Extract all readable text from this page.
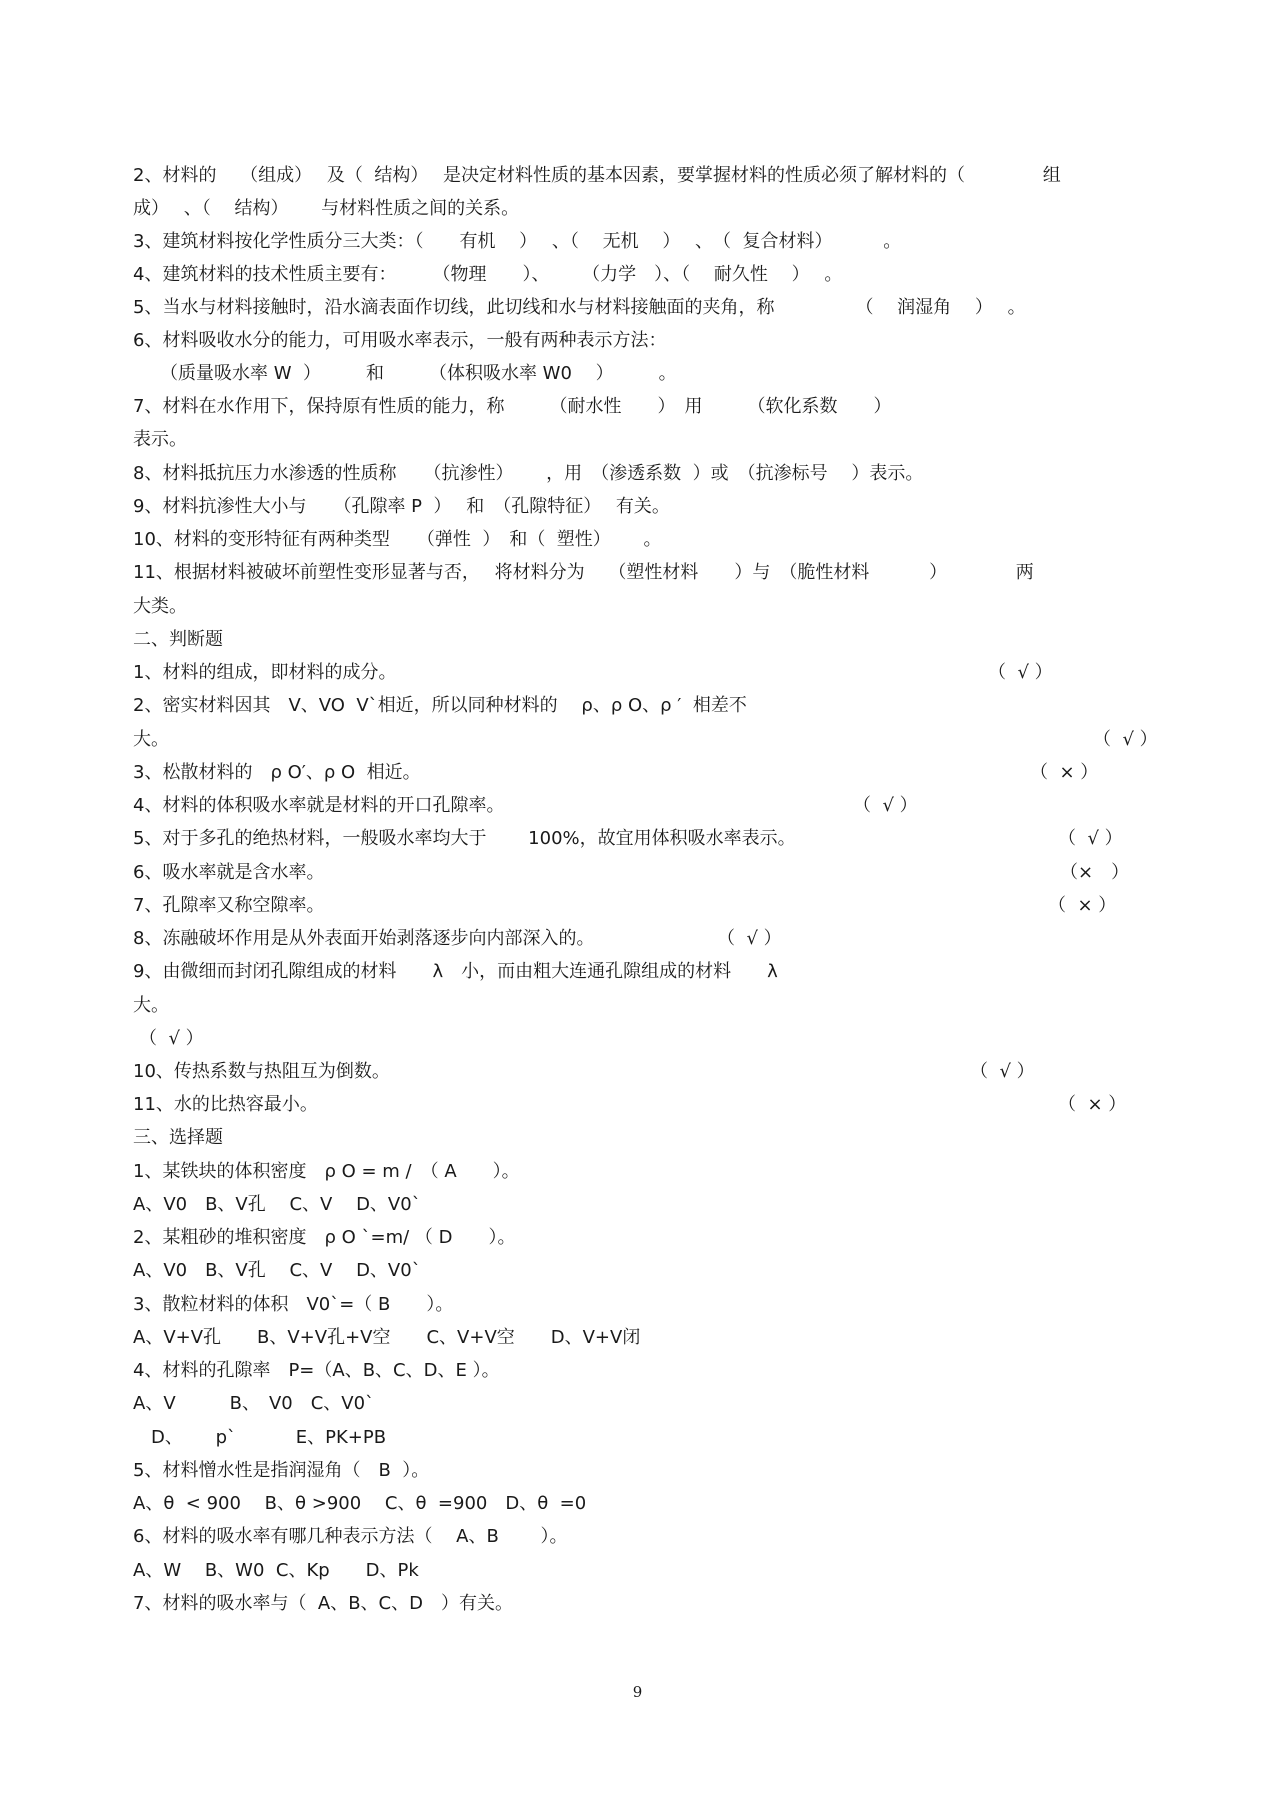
2、材料的　 （组成）　 及（  结构）　 是决定材料性质的基本因素，要掌握材料的性质必须了解材料的（　　　　 组
成）　 、（　 结构）　　 与材料性质之间的关系。
3、建筑材料按化学性质分三大类：（　　有机　 ）　 、（　 无机　 ）　 、　（  复合材料）　　　 。
4、建筑材料的技术性质主要有：　　　（物理　　）、　　 （力学　）、（　 耐久性　 ）　 。
5、当水与材料接触时，沿水滴表面作切线，此切线和水与材料接触面的夹角，称　　　　　（　 润湿角　 ）　 。
6、材料吸收水分的能力，可用吸水率表示，一般有两种表示方法：
　　（质量吸水率 W  ）　　　和　　　（体积吸水率 W0　 ）　　　。
7、材料在水作用下，保持原有性质的能力，称　　　（耐水性　　）　用　　　（软化系数　　）
表示。
8、材料抵抗压力水渗透的性质称　　（抗渗性）　　 ，用　（渗透系数  ）或　（抗渗标号　 ）表示。
9、材料抗渗性大小与　　（孔隙率 P  ）　 和　（孔隙特征）　 有关。
10、材料的变形特征有两种类型　　（弹性  ）　和（  塑性）　　 。
11、根据材料被破坏前塑性变形显著与否，　 将材料分为　 （塑性材料　　）与　（脆性材料　　　 ）　　　　 两
大类。
二、判断题
1、材料的组成，即材料的成分。	（  √ ）
2、密实材料因其　V、VO  V`相近，所以同种材料的　 ρ、ρ O、ρ ′  相差不
大。	（  √ ）
3、松散材料的　ρ O′、ρ O  相近。	（  × ）
4、材料的体积吸水率就是材料的开口孔隙率。	（  √ ）
5、对于多孔的绝热材料，一般吸水率均大于　　 100%，故宜用体积吸水率表示。	（  √ ）
6、吸水率就是含水率。	（×　）
7、孔隙率又称空隙率。	（  × ）
8、冻融破坏作用是从外表面开始剥落逐步向内部深入的。	（  √ ）
9、由微细而封闭孔隙组成的材料　　λ　小，而由粗大连通孔隙组成的材料　　λ
大。
（  √ ）
10、传热系数与热阻互为倒数。	（  √ ）
11、水的比热容最小。	（  × ）
三、选择题
1、某铁块的体积密度　ρ O = m /　（ A　　）。
A、V0　B、V孔　 C、V　 D、V0`
2、某粗砂的堆积密度　ρ O `=m/ （ D　　）。
A、V0　B、V孔　 C、V　 D、V0`
3、散粒材料的体积　V0`=（ B　　）。
A、V+V孔　　B、V+V孔+V空　　C、V+V空　　D、V+V闭
4、材料的孔隙率　P=（A、B、C、D、E ）。
A、V　　　B、　V0　C、V0`
　D、　　 p`　　　 E、PK+PB
5、材料憎水性是指润湿角（　B  ）。
A、θ  < 900　 B、θ >900　 C、θ  =900　D、θ  =0
6、材料的吸水率有哪几种表示方法（　 A、B　　 ）。
A、W　 B、W0  C、Kp　　D、Pk
7、材料的吸水率与（  A、B、C、D　）有关。
9
